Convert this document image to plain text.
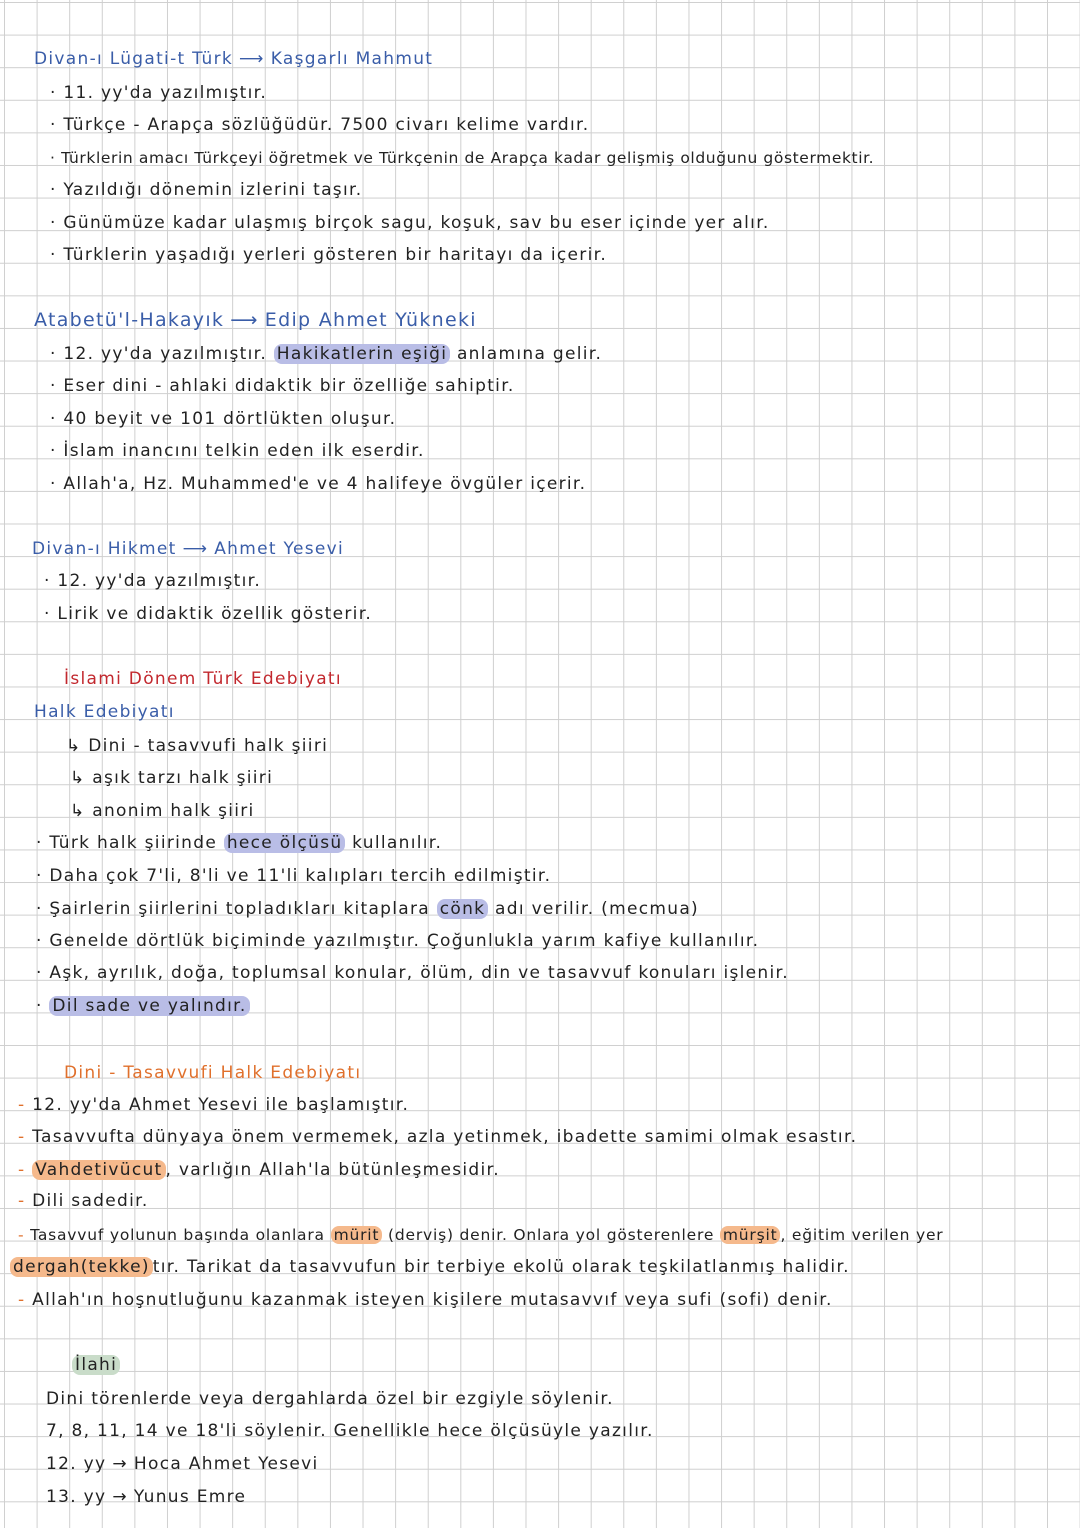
Divan-ı Lügati-t Türk ⟶ Kaşgarlı Mahmut
· 11. yy'da yazılmıştır.
· Türkçe - Arapça sözlüğüdür. 7500 civarı kelime vardır.
· Türklerin amacı Türkçeyi öğretmek ve Türkçenin de Arapça kadar gelişmiş olduğunu göstermektir.
· Yazıldığı dönemin izlerini taşır.
· Günümüze kadar ulaşmış birçok sagu, koşuk, sav bu eser içinde yer alır.
· Türklerin yaşadığı yerleri gösteren bir haritayı da içerir.
Atabetü'l-Hakayık ⟶ Edip Ahmet Yükneki
· 12. yy'da yazılmıştır. Hakikatlerin eşiği anlamına gelir.
· Eser dini - ahlaki didaktik bir özelliğe sahiptir.
· 40 beyit ve 101 dörtlükten oluşur.
· İslam inancını telkin eden ilk eserdir.
· Allah'a, Hz. Muhammed'e ve 4 halifeye övgüler içerir.
Divan-ı Hikmet ⟶ Ahmet Yesevi
· 12. yy'da yazılmıştır.
· Lirik ve didaktik özellik gösterir.
İslami Dönem Türk Edebiyatı
Halk Edebiyatı
↳ Dini - tasavvufi halk şiiri
↳ aşık tarzı halk şiiri
↳ anonim halk şiiri
· Türk halk şiirinde hece ölçüsü kullanılır.
· Daha çok 7'li, 8'li ve 11'li kalıpları tercih edilmiştir.
· Şairlerin şiirlerini topladıkları kitaplara cönk adı verilir. (mecmua)
· Genelde dörtlük biçiminde yazılmıştır. Çoğunlukla yarım kafiye kullanılır.
· Aşk, ayrılık, doğa, toplumsal konular, ölüm, din ve tasavvuf konuları işlenir.
· Dil sade ve yalındır.
Dini - Tasavvufi Halk Edebiyatı
- 12. yy'da Ahmet Yesevi ile başlamıştır.
- Tasavvufta dünyaya önem vermemek, azla yetinmek, ibadette samimi olmak esastır.
- Vahdetivücut , varlığın Allah'la bütünleşmesidir.
- Dili sadedir.
- Tasavvuf yolunun başında olanlara mürit (derviş) denir. Onlara yol gösterenlere mürşit , eğitim verilen yer
dergah(tekke) tır. Tarikat da tasavvufun bir terbiye ekolü olarak teşkilatlanmış halidir.
- Allah'ın hoşnutluğunu kazanmak isteyen kişilere mutasavvıf veya sufi (sofi) denir.
İlahi
Dini törenlerde veya dergahlarda özel bir ezgiyle söylenir.
7, 8, 11, 14 ve 18'li söylenir. Genellikle hece ölçüsüyle yazılır.
12. yy → Hoca Ahmet Yesevi
13. yy → Yunus Emre
